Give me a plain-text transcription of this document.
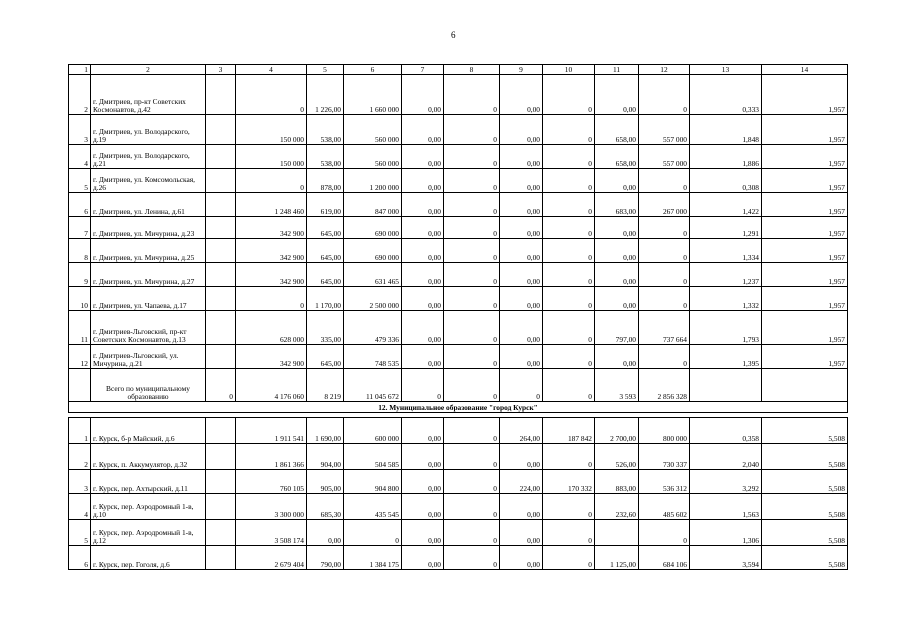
6
1	2	3	4	5	6	7	8	9	10	11	12	13	14
2	г. Дмитриев, пр-кт Советских Космонавтов, д.42		0	1 226,00	1 660 000	0,00	0	0,00	0	0,00	0	0,333	1,957
3	г. Дмитриев, ул. Володарского, д.19		150 000	538,00	560 000	0,00	0	0,00	0	658,00	557 000	1,848	1,957
4	г. Дмитриев, ул. Володарского, д.21		150 000	538,00	560 000	0,00	0	0,00	0	658,00	557 000	1,886	1,957
5	г. Дмитриев, ул. Комсомольская, д.26		0	878,00	1 200 000	0,00	0	0,00	0	0,00	0	0,308	1,957
6	г. Дмитриев, ул. Ленина, д.61		1 248 460	619,00	847 000	0,00	0	0,00	0	683,00	267 000	1,422	1,957
7	г. Дмитриев, ул. Мичурина, д.23		342 900	645,00	690 000	0,00	0	0,00	0	0,00	0	1,291	1,957
8	г. Дмитриев, ул. Мичурина, д.25		342 900	645,00	690 000	0,00	0	0,00	0	0,00	0	1,334	1,957
9	г. Дмитриев, ул. Мичурина, д.27		342 900	645,00	631 465	0,00	0	0,00	0	0,00	0	1,237	1,957
10	г. Дмитриев, ул. Чапаева, д.17		0	1 170,00	2 500 000	0,00	0	0,00	0	0,00	0	1,332	1,957
11	г. Дмитриев-Льговский, пр-кт Советских Космонавтов, д.13		628 000	335,00	479 336	0,00	0	0,00	0	797,00	737 664	1,793	1,957
12	г. Дмитриев-Льговский, ул. Мичурина, д.21		342 900	645,00	748 535	0,00	0	0,00	0	0,00	0	1,395	1,957
	Всего по муниципальному образованию	0	4 176 060	8 219	11 045 672	0	0	0	0	3 593	2 856 328		
12. Муниципальное образование "город Курск"													

1	г. Курск, б-р Майский, д.6		1 911 541	1 690,00	600 000	0,00	0	264,00	187 842	2 700,00	800 000	0,358	5,508
2	г. Курск, п. Аккумулятор, д.32		1 861 366	904,00	504 585	0,00	0	0,00	0	526,00	730 337	2,040	5,508
3	г. Курск, пер. Ахтырский, д.11		760 105	905,00	904 800	0,00	0	224,00	170 332	883,00	536 312	3,292	5,508
4	г. Курск, пер. Аэродромный 1-в, д.10		3 300 000	685,30	435 545	0,00	0	0,00	0	232,60	485 602	1,563	5,508
5	г. Курск, пер. Аэродромный 1-в, д.12		3 508 174	0,00	0	0,00	0	0,00	0		0	1,306	5,508
6	г. Курск, пер. Гоголя, д.6		2 679 404	790,00	1 384 175	0,00	0	0,00	0	1 125,00	684 106	3,594	5,508
